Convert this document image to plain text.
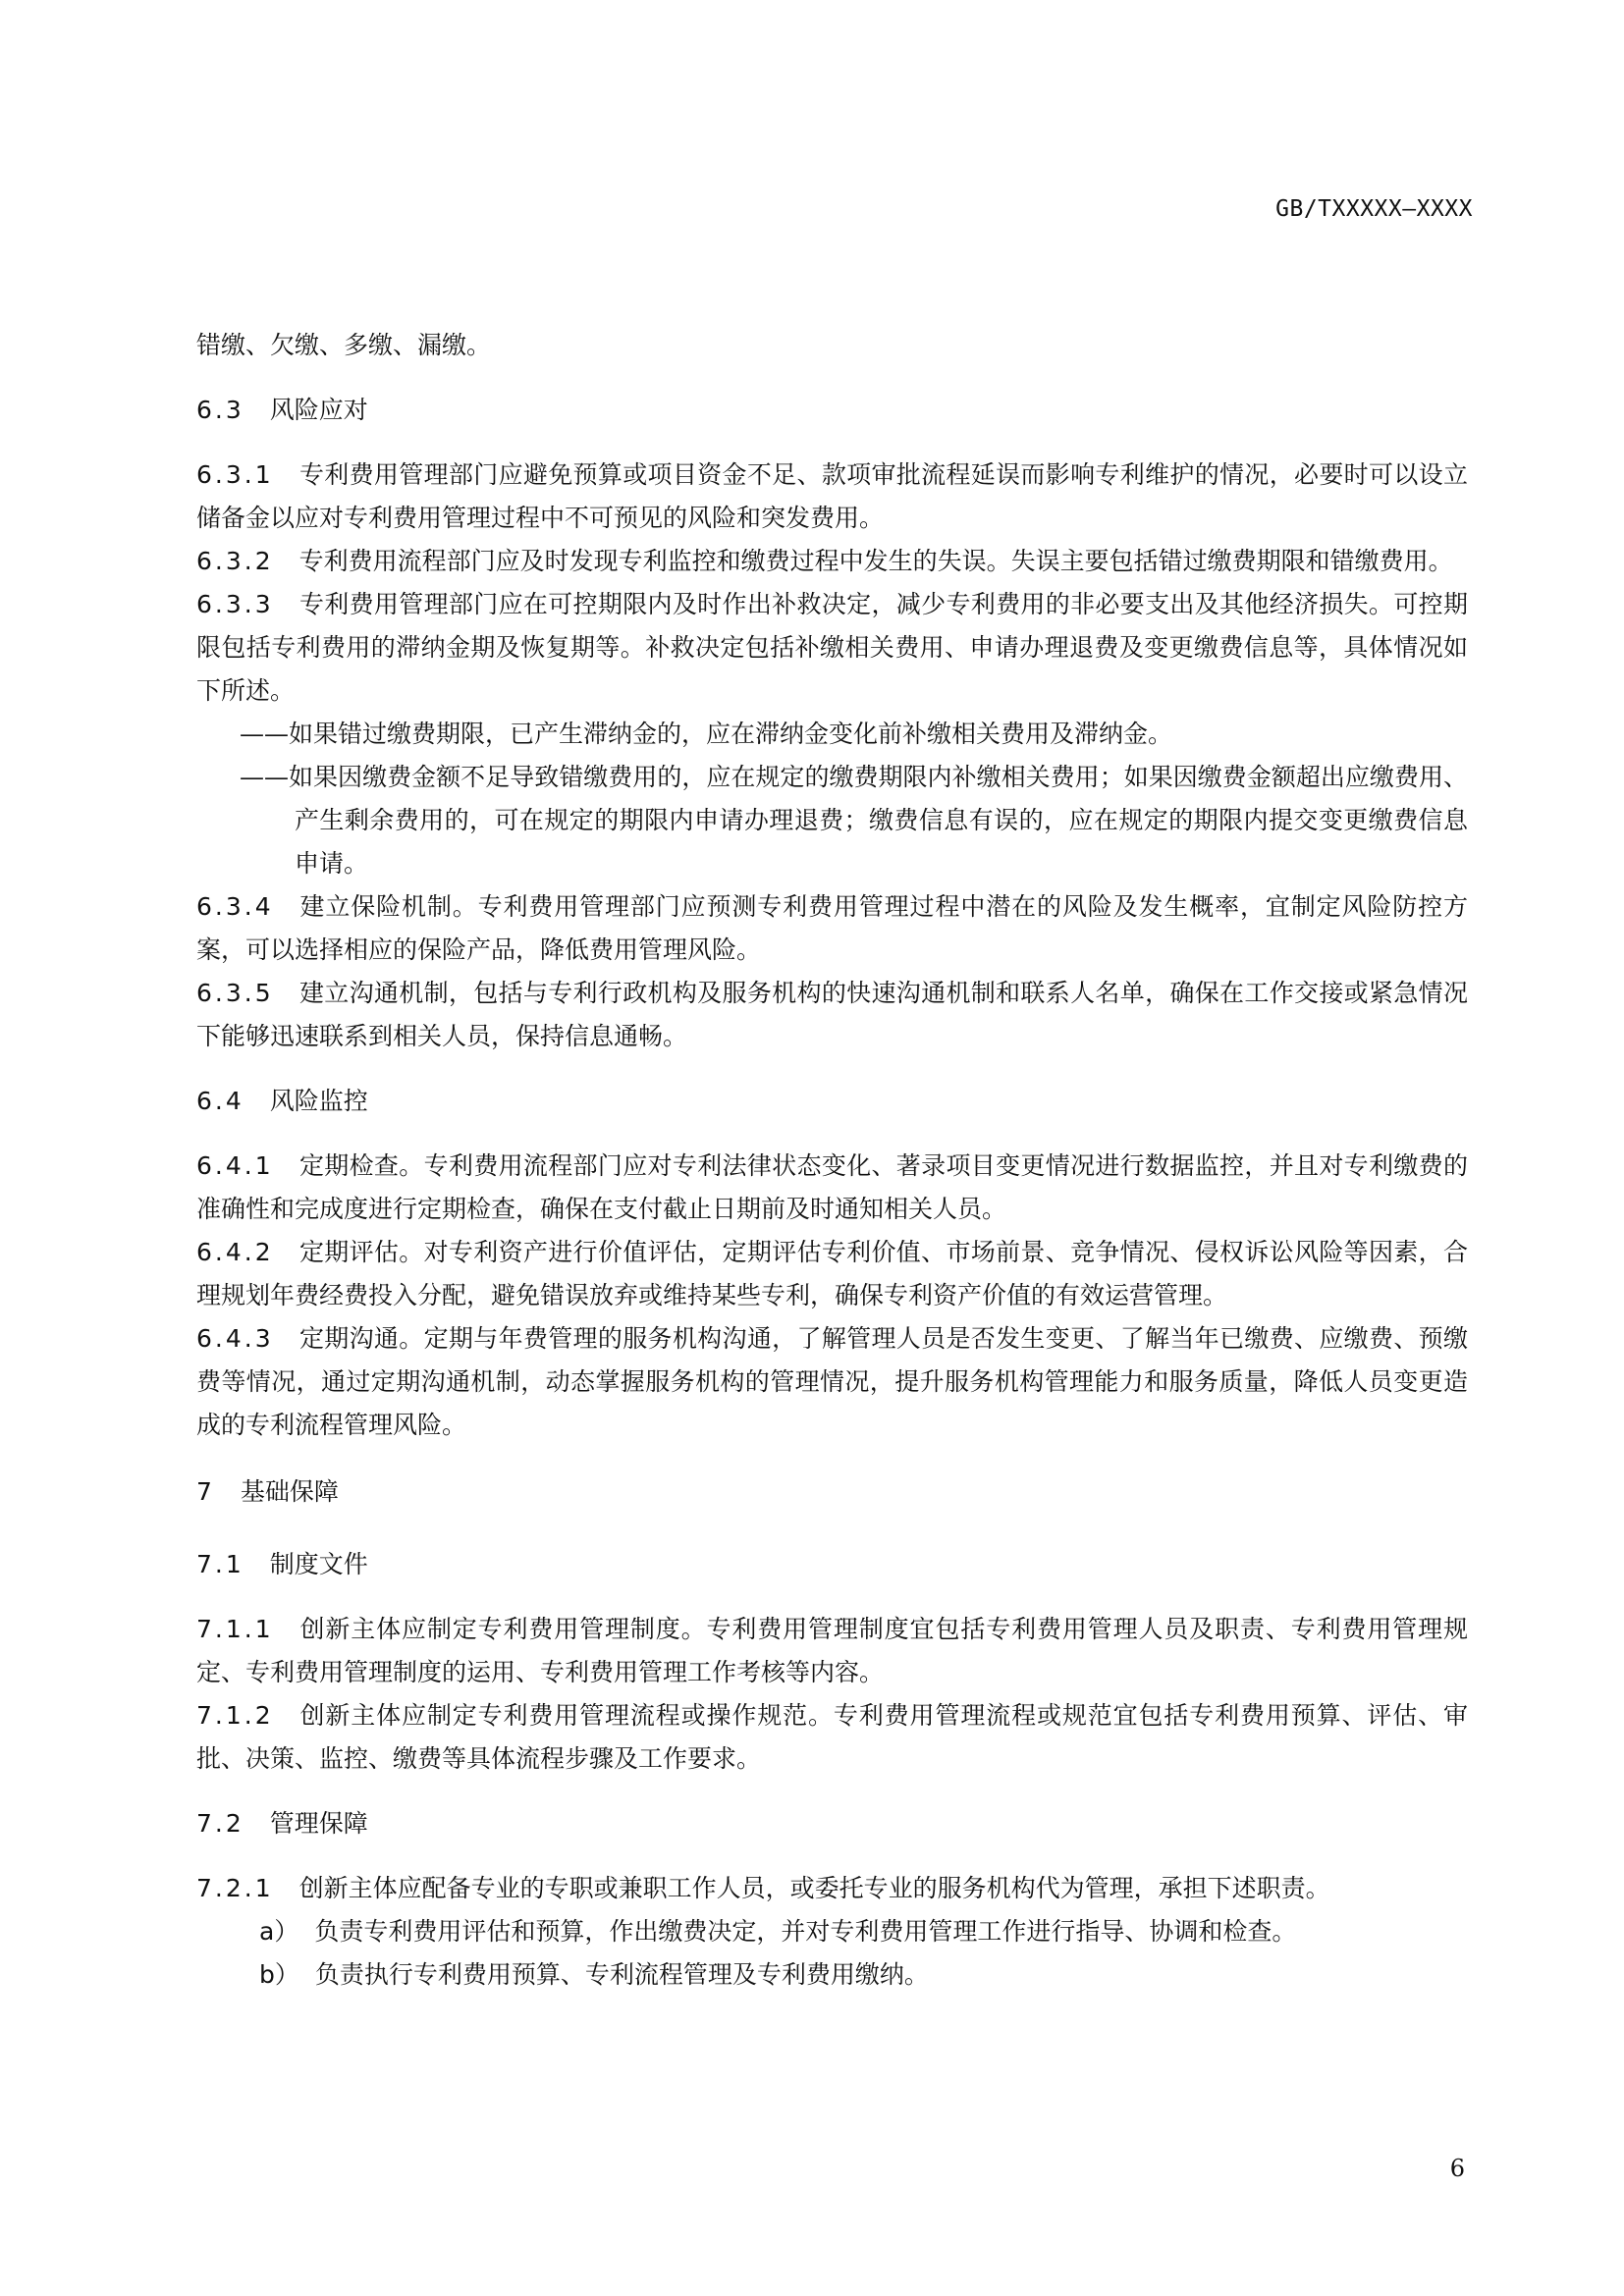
GB/TXXXXX—XXXX

错缴、欠缴、多缴、漏缴。

6.3 风险应对

6.3.1 专利费用管理部门应避免预算或项目资金不足、款项审批流程延误而影响专利维护的情况，必要时可以设立储备金以应对专利费用管理过程中不可预见的风险和突发费用。

6.3.2 专利费用流程部门应及时发现专利监控和缴费过程中发生的失误。失误主要包括错过缴费期限和错缴费用。

6.3.3 专利费用管理部门应在可控期限内及时作出补救决定，减少专利费用的非必要支出及其他经济损失。可控期限包括专利费用的滞纳金期及恢复期等。补救决定包括补缴相关费用、申请办理退费及变更缴费信息等，具体情况如下所述。

——如果错过缴费期限，已产生滞纳金的，应在滞纳金变化前补缴相关费用及滞纳金。

——如果因缴费金额不足导致错缴费用的，应在规定的缴费期限内补缴相关费用；如果因缴费金额超出应缴费用、产生剩余费用的，可在规定的期限内申请办理退费；缴费信息有误的，应在规定的期限内提交变更缴费信息申请。

6.3.4 建立保险机制。专利费用管理部门应预测专利费用管理过程中潜在的风险及发生概率，宜制定风险防控方案，可以选择相应的保险产品，降低费用管理风险。

6.3.5 建立沟通机制，包括与专利行政机构及服务机构的快速沟通机制和联系人名单，确保在工作交接或紧急情况下能够迅速联系到相关人员，保持信息通畅。

6.4 风险监控

6.4.1 定期检查。专利费用流程部门应对专利法律状态变化、著录项目变更情况进行数据监控，并且对专利缴费的准确性和完成度进行定期检查，确保在支付截止日期前及时通知相关人员。

6.4.2 定期评估。对专利资产进行价值评估，定期评估专利价值、市场前景、竞争情况、侵权诉讼风险等因素，合理规划年费经费投入分配，避免错误放弃或维持某些专利，确保专利资产价值的有效运营管理。

6.4.3 定期沟通。定期与年费管理的服务机构沟通，了解管理人员是否发生变更、了解当年已缴费、应缴费、预缴费等情况，通过定期沟通机制，动态掌握服务机构的管理情况，提升服务机构管理能力和服务质量，降低人员变更造成的专利流程管理风险。

7 基础保障
7.1 制度文件

7.1.1 创新主体应制定专利费用管理制度。专利费用管理制度宜包括专利费用管理人员及职责、专利费用管理规定、专利费用管理制度的运用、专利费用管理工作考核等内容。

7.1.2 创新主体应制定专利费用管理流程或操作规范。专利费用管理流程或规范宜包括专利费用预算、评估、审批、决策、监控、缴费等具体流程步骤及工作要求。

7.2 管理保障

7.2.1 创新主体应配备专业的专职或兼职工作人员，或委托专业的服务机构代为管理，承担下述职责。

a） 负责专利费用评估和预算，作出缴费决定，并对专利费用管理工作进行指导、协调和检查。

b） 负责执行专利费用预算、专利流程管理及专利费用缴纳。

6
